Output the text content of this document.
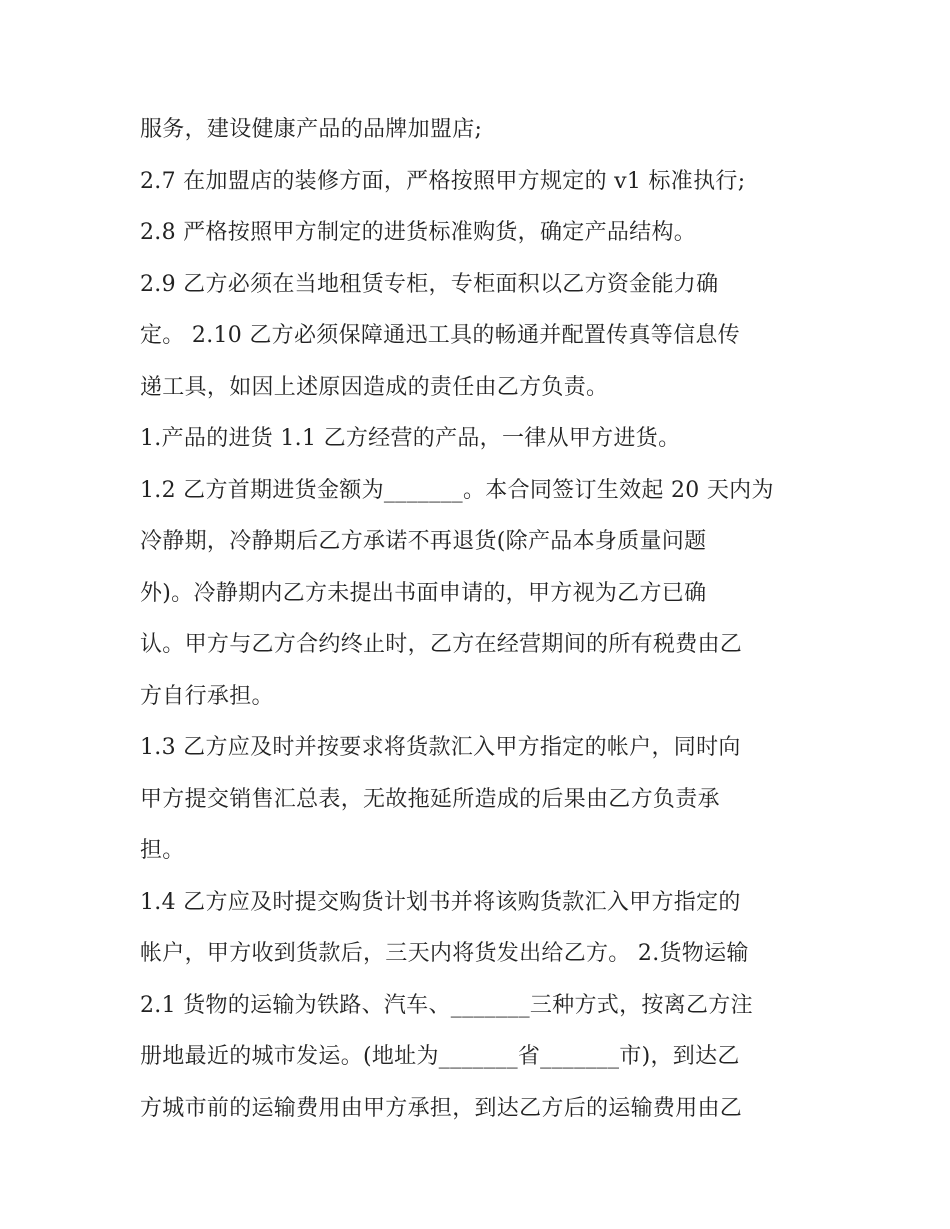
服务，建设健康产品的品牌加盟店;
2.7 在加盟店的装修方面，严格按照甲方规定的 v1 标准执行;
2.8 严格按照甲方制定的进货标准购货，确定产品结构。
2.9 乙方必须在当地租赁专柜，专柜面积以乙方资金能力确
定。 2.10 乙方必须保障通迅工具的畅通并配置传真等信息传
递工具，如因上述原因造成的责任由乙方负责。
1.产品的进货 1.1 乙方经营的产品，一律从甲方进货。
1.2 乙方首期进货金额为_______。本合同签订生效起 20 天内为
冷静期，冷静期后乙方承诺不再退货(除产品本身质量问题
外)。冷静期内乙方未提出书面申请的，甲方视为乙方已确
认。甲方与乙方合约终止时，乙方在经营期间的所有税费由乙
方自行承担。
1.3 乙方应及时并按要求将货款汇入甲方指定的帐户，同时向
甲方提交销售汇总表，无故拖延所造成的后果由乙方负责承
担。
1.4 乙方应及时提交购货计划书并将该购货款汇入甲方指定的
帐户，甲方收到货款后，三天内将货发出给乙方。 2.货物运输
2.1 货物的运输为铁路、汽车、_______三种方式，按离乙方注
册地最近的城市发运。(地址为_______省_______市)，到达乙
方城市前的运输费用由甲方承担，到达乙方后的运输费用由乙
